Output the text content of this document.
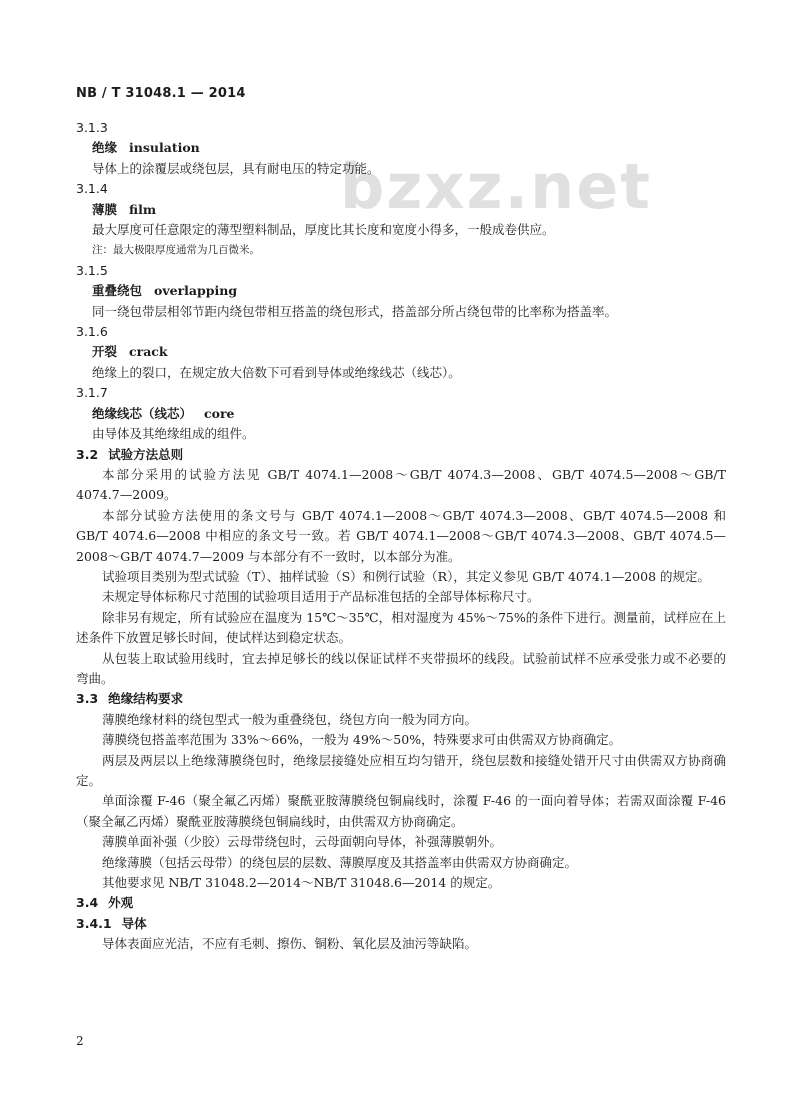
NB / T 31048.1 — 2014
bzxz.net
3.1.3
绝缘 insulation
导体上的涂覆层或绕包层，具有耐电压的特定功能。
3.1.4
薄膜 film
最大厚度可任意限定的薄型塑料制品，厚度比其长度和宽度小得多，一般成卷供应。
注：最大极限厚度通常为几百微米。
3.1.5
重叠绕包 overlapping
同一绕包带层相邻节距内绕包带相互搭盖的绕包形式，搭盖部分所占绕包带的比率称为搭盖率。
3.1.6
开裂 crack
绝缘上的裂口，在规定放大倍数下可看到导体或绝缘线芯（线芯）。
3.1.7
绝缘线芯（线芯） core
由导体及其绝缘组成的组件。
3.2 试验方法总则
本部分采用的试验方法见 GB/T 4074.1—2008～GB/T 4074.3—2008、GB/T 4074.5—2008～GB/T 4074.7—2009。
本部分试验方法使用的条文号与 GB/T 4074.1—2008～GB/T 4074.3—2008、GB/T 4074.5—2008 和 GB/T 4074.6—2008 中相应的条文号一致。若 GB/T 4074.1—2008～GB/T 4074.3—2008、GB/T 4074.5—2008～GB/T 4074.7—2009 与本部分有不一致时，以本部分为准。
试验项目类别为型式试验（T）、抽样试验（S）和例行试验（R），其定义参见 GB/T 4074.1—2008 的规定。
未规定导体标称尺寸范围的试验项目适用于产品标准包括的全部导体标称尺寸。
除非另有规定，所有试验应在温度为 15℃～35℃，相对湿度为 45%～75%的条件下进行。测量前，试样应在上述条件下放置足够长时间，使试样达到稳定状态。
从包装上取试验用线时，宜去掉足够长的线以保证试样不夹带损坏的线段。试验前试样不应承受张力或不必要的弯曲。
3.3 绝缘结构要求
薄膜绝缘材料的绕包型式一般为重叠绕包，绕包方向一般为同方向。
薄膜绕包搭盖率范围为 33%～66%，一般为 49%～50%，特殊要求可由供需双方协商确定。
两层及两层以上绝缘薄膜绕包时，绝缘层接缝处应相互均匀错开，绕包层数和接缝处错开尺寸由供需双方协商确定。
单面涂覆 F-46（聚全氟乙丙烯）聚酰亚胺薄膜绕包铜扁线时，涂覆 F-46 的一面向着导体；若需双面涂覆 F-46（聚全氟乙丙烯）聚酰亚胺薄膜绕包铜扁线时，由供需双方协商确定。
薄膜单面补强（少胶）云母带绕包时，云母面朝向导体，补强薄膜朝外。
绝缘薄膜（包括云母带）的绕包层的层数、薄膜厚度及其搭盖率由供需双方协商确定。
其他要求见 NB/T 31048.2—2014～NB/T 31048.6—2014 的规定。
3.4 外观
3.4.1 导体
导体表面应光洁，不应有毛刺、擦伤、铜粉、氧化层及油污等缺陷。
2
